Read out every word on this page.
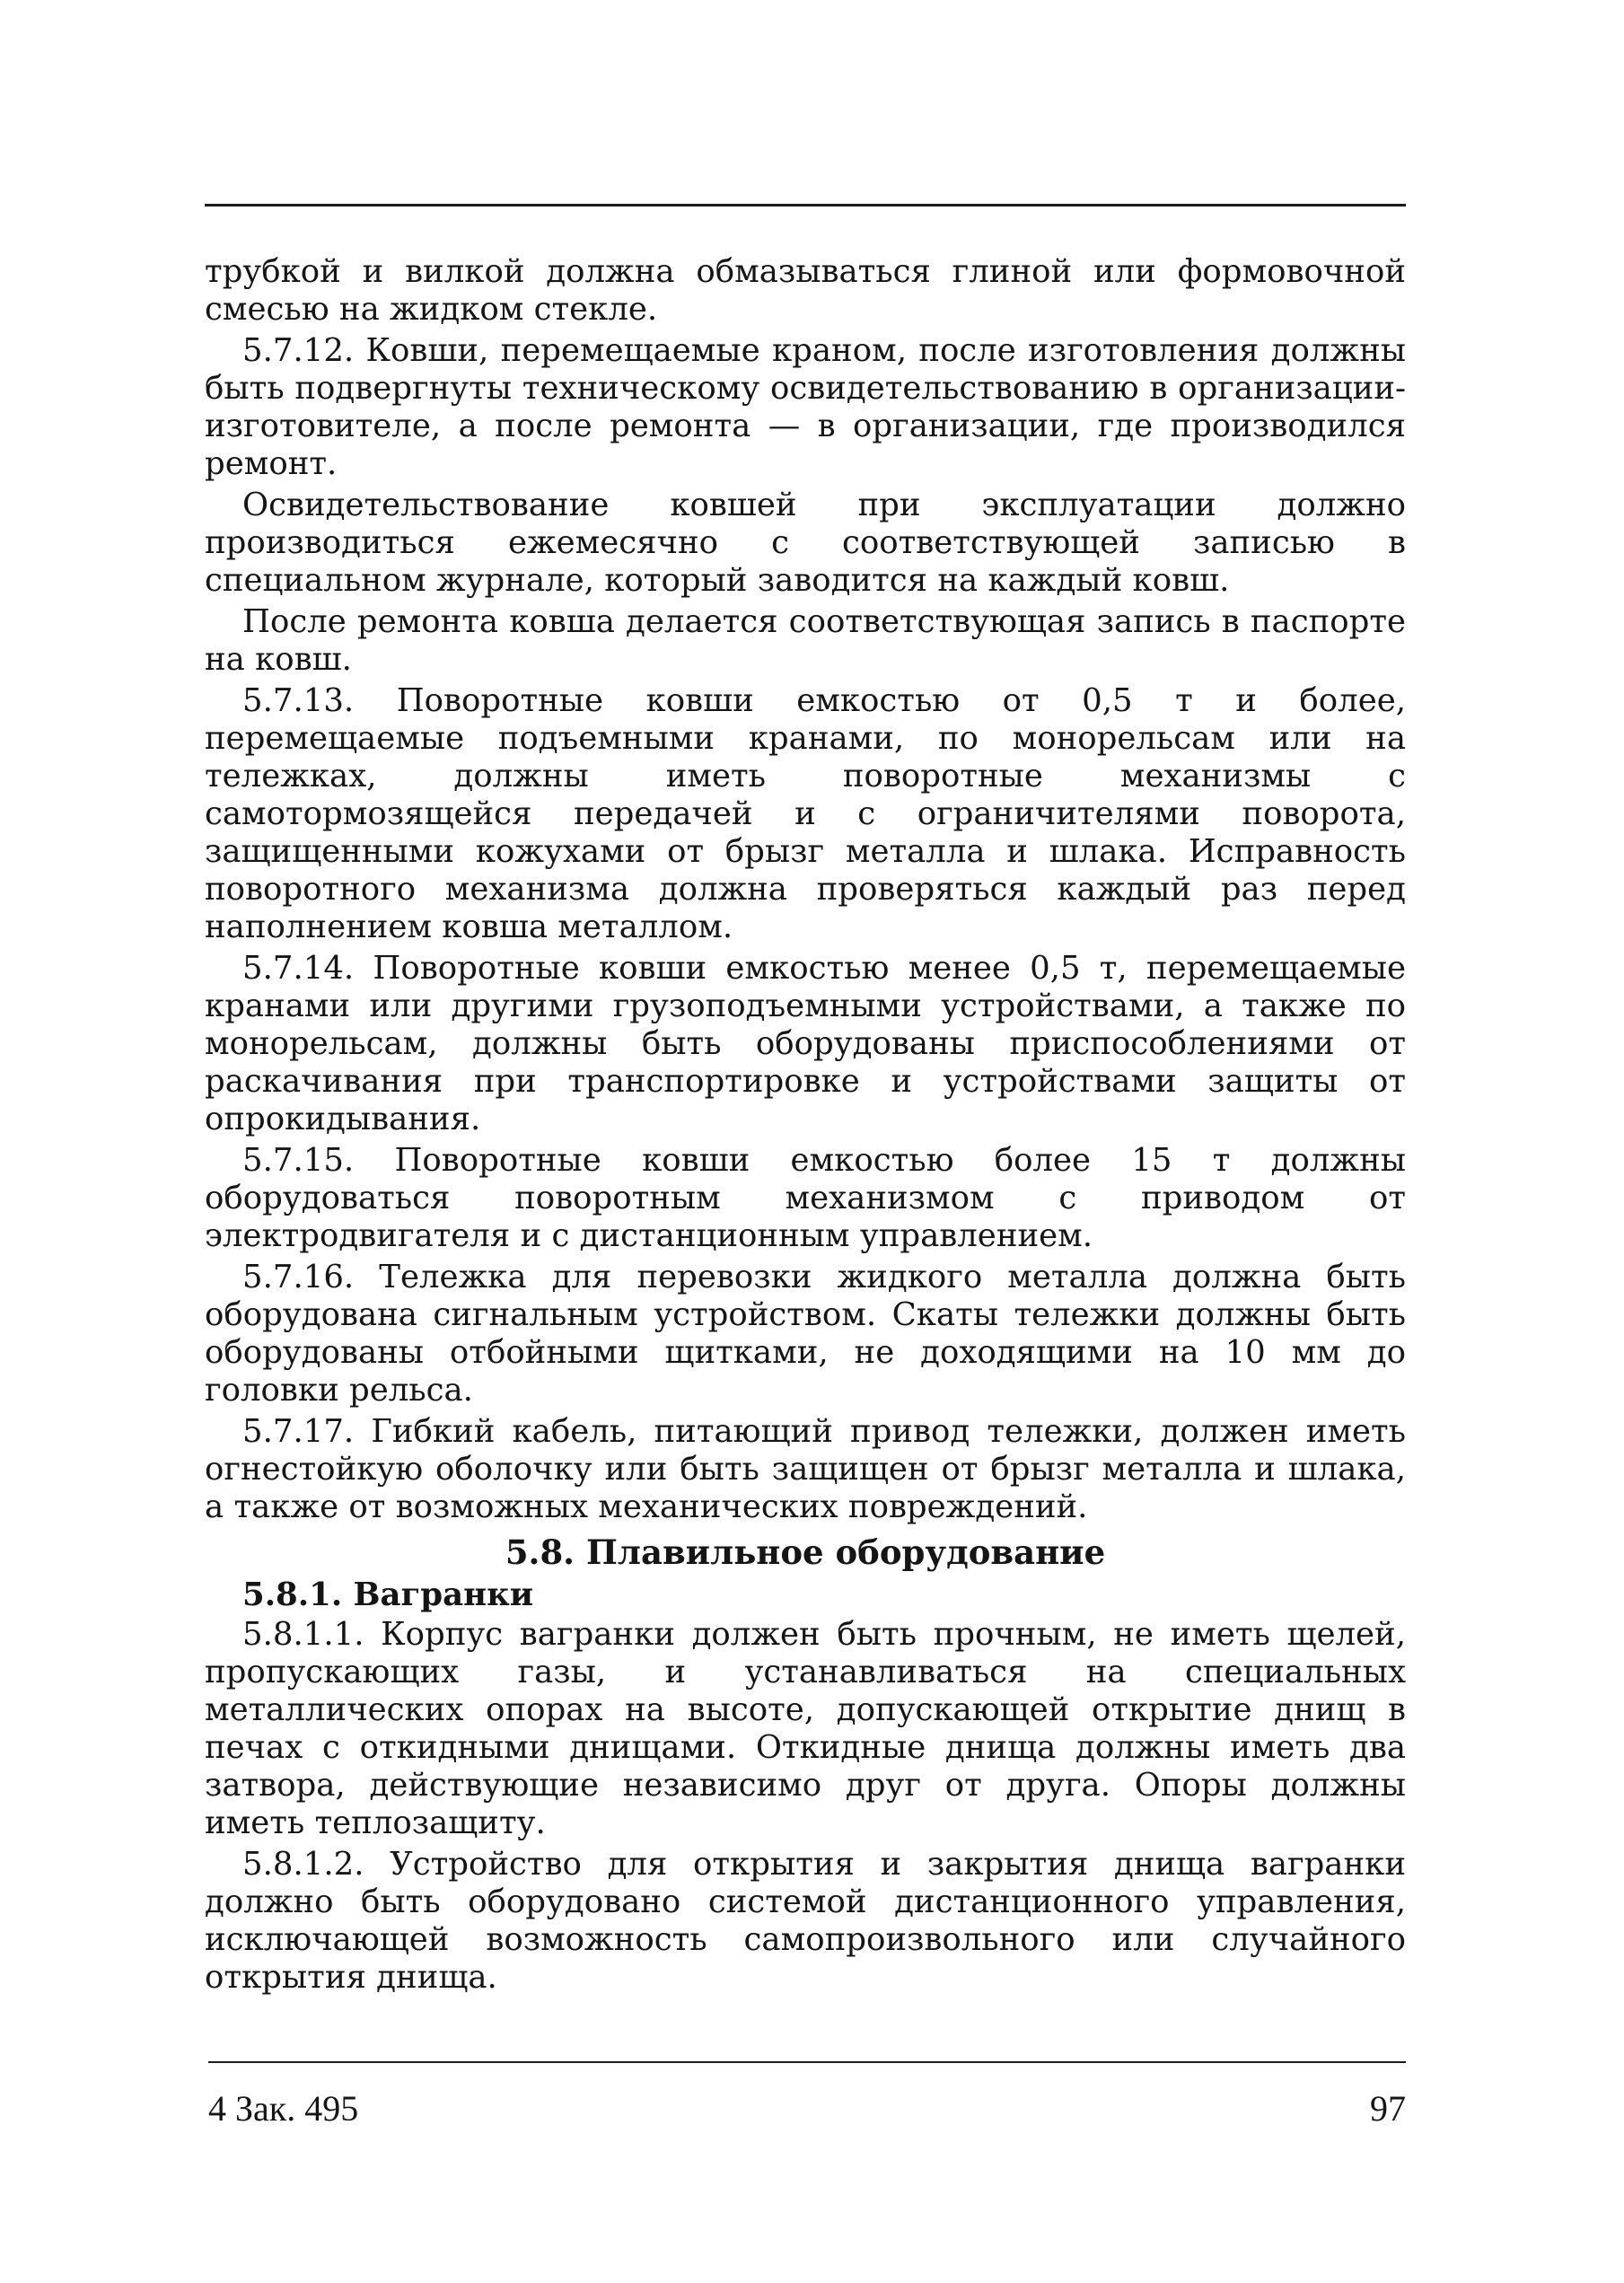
трубкой и вилкой должна обмазываться глиной или формовочной смесью на жидком стекле.

5.7.12. Ковши, перемещаемые краном, после изготовления должны быть подвергнуты техническому освидетельствованию в организации-изготовителе, а после ремонта — в организации, где производился ремонт.

Освидетельствование ковшей при эксплуатации должно производиться ежемесячно с соответствующей записью в специальном журнале, который заводится на каждый ковш.

После ремонта ковша делается соответствующая запись в паспорте на ковш.

5.7.13. Поворотные ковши емкостью от 0,5 т и более, перемещаемые подъемными кранами, по монорельсам или на тележках, должны иметь поворотные механизмы с самотормозящейся передачей и с ограничителями поворота, защищенными кожухами от брызг металла и шлака. Исправность поворотного механизма должна проверяться каждый раз перед наполнением ковша металлом.

5.7.14. Поворотные ковши емкостью менее 0,5 т, перемещаемые кранами или другими грузоподъемными устройствами, а также по монорельсам, должны быть оборудованы приспособлениями от раскачивания при транспортировке и устройствами защиты от опрокидывания.

5.7.15. Поворотные ковши емкостью более 15 т должны оборудоваться поворотным механизмом с приводом от электродвигателя и с дистанционным управлением.

5.7.16. Тележка для перевозки жидкого металла должна быть оборудована сигнальным устройством. Скаты тележки должны быть оборудованы отбойными щитками, не доходящими на 10 мм до головки рельса.

5.7.17. Гибкий кабель, питающий привод тележки, должен иметь огнестойкую оболочку или быть защищен от брызг металла и шлака, а также от возможных механических повреждений.

5.8. Плавильное оборудование

5.8.1. Вагранки

5.8.1.1. Корпус вагранки должен быть прочным, не иметь щелей, пропускающих газы, и устанавливаться на специальных металлических опорах на высоте, допускающей открытие днищ в печах с откидными днищами. Откидные днища должны иметь два затвора, действующие независимо друг от друга. Опоры должны иметь теплозащиту.

5.8.1.2. Устройство для открытия и закрытия днища вагранки должно быть оборудовано системой дистанционного управления, исключающей возможность самопроизвольного или случайного открытия днища.

4 Зак. 495	97
